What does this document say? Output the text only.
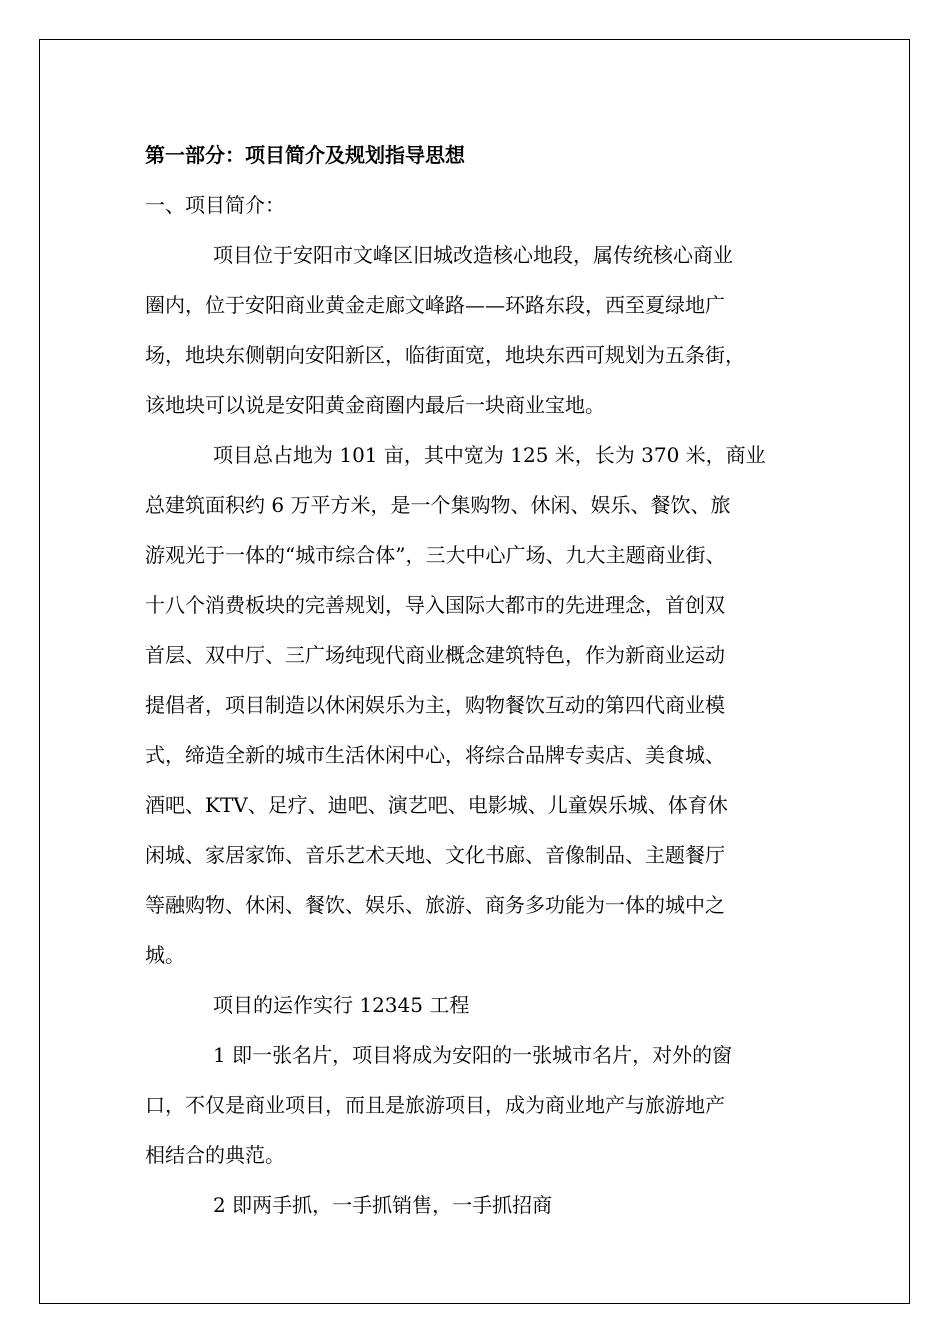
第一部分：项目简介及规划指导思想
一、项目简介：
项目位于安阳市文峰区旧城改造核心地段，属传统核心商业
圈内，位于安阳商业黄金走廊文峰路——环路东段，西至夏绿地广
场，地块东侧朝向安阳新区，临街面宽，地块东西可规划为五条街，
该地块可以说是安阳黄金商圈内最后一块商业宝地。
项目总占地为 101 亩，其中宽为 125 米，长为 370 米，商业
总建筑面积约 6 万平方米，是一个集购物、休闲、娱乐、餐饮、旅
游观光于一体的“城市综合体”，三大中心广场、九大主题商业街、
十八个消费板块的完善规划，导入国际大都市的先进理念，首创双
首层、双中厅、三广场纯现代商业概念建筑特色，作为新商业运动
提倡者，项目制造以休闲娱乐为主，购物餐饮互动的第四代商业模
式，缔造全新的城市生活休闲中心，将综合品牌专卖店、美食城、
酒吧、KTV、足疗、迪吧、演艺吧、电影城、儿童娱乐城、体育休
闲城、家居家饰、音乐艺术天地、文化书廊、音像制品、主题餐厅
等融购物、休闲、餐饮、娱乐、旅游、商务多功能为一体的城中之
城。
项目的运作实行 12345 工程
1 即一张名片，项目将成为安阳的一张城市名片，对外的窗
口，不仅是商业项目，而且是旅游项目，成为商业地产与旅游地产
相结合的典范。
2 即两手抓，一手抓销售，一手抓招商
